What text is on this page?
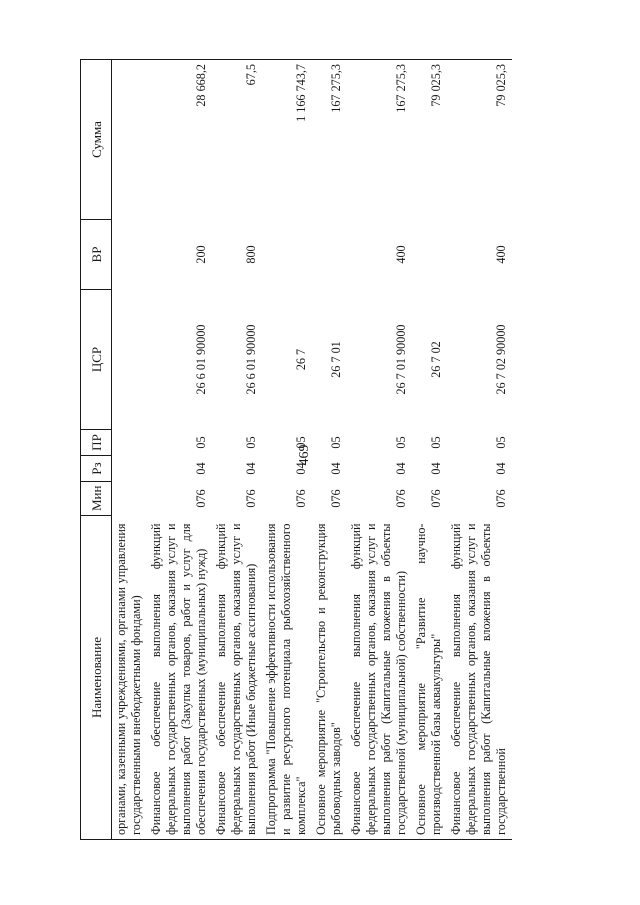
469
Наименование	Мин	Рз	ПР	ЦСР	ВР	Сумма
органами, казенными учреждениями, органами управления государственными внебюджетными фондами)						
Финансовое обеспечение выполнения функций федеральных государственных органов, оказания услуг и выполнения работ (Закупка товаров, работ и услуг для обеспечения государственных (муниципальных) нужд)	076	04	05	26 6 01 90000	200	28 668,2
Финансовое обеспечение выполнения функций федеральных государственных органов, оказания услуг и выполнения работ (Иные бюджетные ассигнования)	076	04	05	26 6 01 90000	800	67,5
Подпрограмма "Повышение эффективности использования и развитие ресурсного потенциала рыбохозяйственного комплекса"	076	04	05	26 7		1 166 743,7
Основное мероприятие "Строительство и реконструкция рыбоводных заводов"	076	04	05	26 7 01		167 275,3
Финансовое обеспечение выполнения функций федеральных государственных органов, оказания услуг и выполнения работ (Капитальные вложения в объекты государственной (муниципальной) собственности)	076	04	05	26 7 01 90000	400	167 275,3
Основное мероприятие "Развитие научно-производственной базы аквакультуры"	076	04	05	26 7 02		79 025,3
Финансовое обеспечение выполнения функций федеральных государственных органов, оказания услуг и выполнения работ (Капитальные вложения в объекты государственной	076	04	05	26 7 02 90000	400	79 025,3
